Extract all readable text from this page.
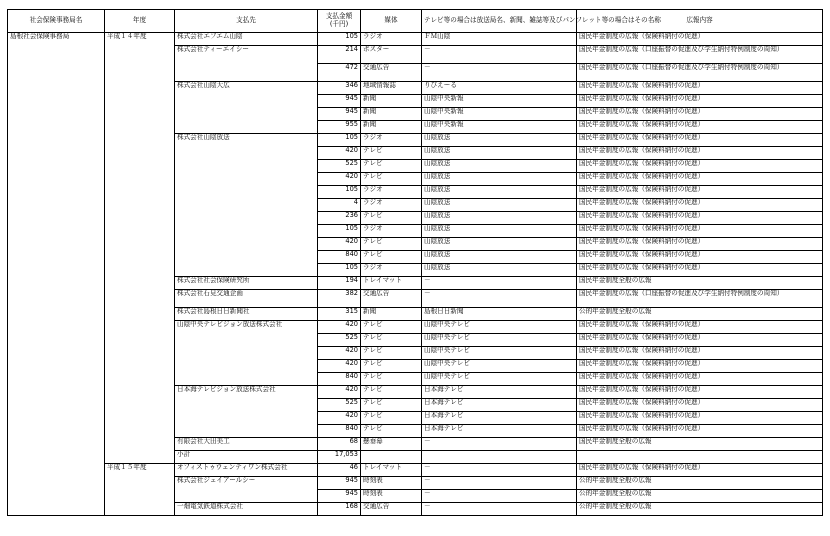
社会保険事務局名	年度	支払先	支払金額
(千円)	媒体	テレビ等の場合は放送局名、新聞、雑誌等及びパンフレット等の場合はその名称	広報内容
島根社会保険事務局	平成１４年度	株式会社エフエム山陰	105	ラジオ	ＦＭ山陰	国民年金制度の広報（保険料納付の促進）
		株式会社ティーエイシー	214	ポスター	－	国民年金制度の広報（口座振替の促進及び学生納付特例制度の周知）
			472	交通広告	－	国民年金制度の広報（口座振替の促進及び学生納付特例制度の周知）
		株式会社山陰大広	346	地域情報誌	りびえーる	国民年金制度の広報（保険料納付の促進）
			945	新聞	山陰中央新報	国民年金制度の広報（保険料納付の促進）
			945	新聞	山陰中央新報	国民年金制度の広報（保険料納付の促進）
			955	新聞	山陰中央新報	国民年金制度の広報（保険料納付の促進）
		株式会社山陰放送	105	ラジオ	山陰放送	国民年金制度の広報（保険料納付の促進）
			420	テレビ	山陰放送	国民年金制度の広報（保険料納付の促進）
			525	テレビ	山陰放送	国民年金制度の広報（保険料納付の促進）
			420	テレビ	山陰放送	国民年金制度の広報（保険料納付の促進）
			105	ラジオ	山陰放送	国民年金制度の広報（保険料納付の促進）
			4	ラジオ	山陰放送	国民年金制度の広報（保険料納付の促進）
			236	テレビ	山陰放送	国民年金制度の広報（保険料納付の促進）
			105	ラジオ	山陰放送	国民年金制度の広報（保険料納付の促進）
			420	テレビ	山陰放送	国民年金制度の広報（保険料納付の促進）
			840	テレビ	山陰放送	国民年金制度の広報（保険料納付の促進）
			105	ラジオ	山陰放送	国民年金制度の広報（保険料納付の促進）
		株式会社社会保険研究所	194	トレイマット	－	国民年金制度全般の広報
		株式会社石見交通企画	382	交通広告	－	国民年金制度の広報（口座振替の促進及び学生納付特例制度の周知）
		株式会社島根日日新聞社	315	新聞	島根日日新聞	公的年金制度全般の広報
		山陰中央テレビジョン放送株式会社	420	テレビ	山陰中央テレビ	国民年金制度の広報（保険料納付の促進）
			525	テレビ	山陰中央テレビ	国民年金制度の広報（保険料納付の促進）
			420	テレビ	山陰中央テレビ	国民年金制度の広報（保険料納付の促進）
			420	テレビ	山陰中央テレビ	国民年金制度の広報（保険料納付の促進）
			840	テレビ	山陰中央テレビ	国民年金制度の広報（保険料納付の促進）
		日本海テレビジョン放送株式会社	420	テレビ	日本海テレビ	国民年金制度の広報（保険料納付の促進）
			525	テレビ	日本海テレビ	国民年金制度の広報（保険料納付の促進）
			420	テレビ	日本海テレビ	国民年金制度の広報（保険料納付の促進）
			840	テレビ	日本海テレビ	国民年金制度の広報（保険料納付の促進）
		有限会社大田美工	68	懸垂幕	－	国民年金制度全般の広報
		小計	17,053			
	平成１５年度	オフィストゥウェンティワン株式会社	46	トレイマット	－	国民年金制度の広報（保険料納付の促進）
		株式会社ジェイアールシー	945	時刻表	－	公的年金制度全般の広報
			945	時刻表	－	公的年金制度全般の広報
		一畑電気鉄道株式会社	168	交通広告	－	公的年金制度全般の広報
